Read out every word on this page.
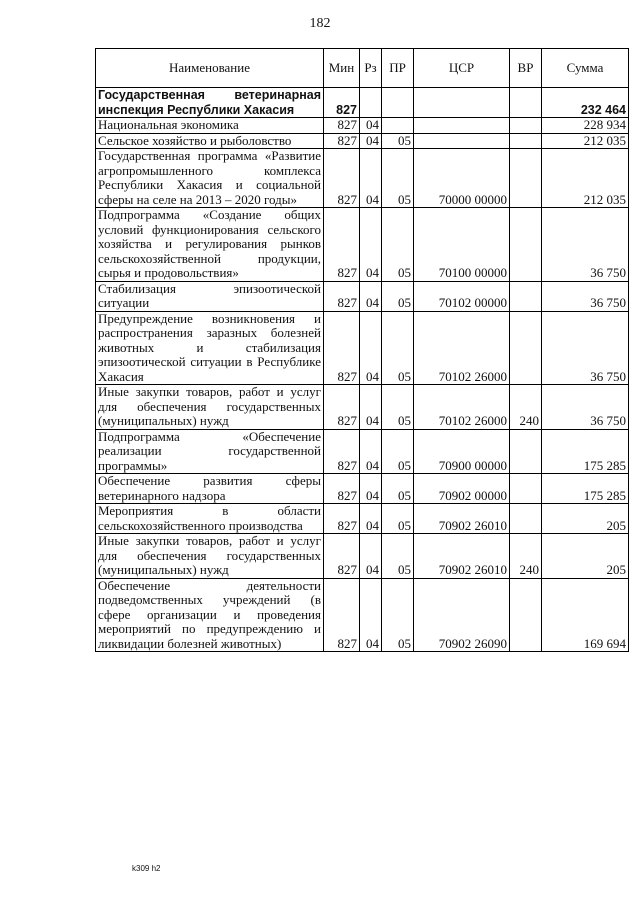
182
Наименование	Мин	Рз	ПР	ЦСР	ВР	Сумма
Государственная ветеринарная инспекция Республики Хакасия	827					232 464
Национальная экономика	827	04				228 934
Сельское хозяйство и рыболовство	827	04	05			212 035
Государственная программа «Развитие агропромышленного комплекса Республики Хакасия и социальной сферы на селе на 2013 – 2020 годы»	827	04	05	70000 00000		212 035
Подпрограмма «Создание общих условий функционирования сельского хозяйства и регулирования рынков сельскохозяйственной продукции, сырья и продовольствия»	827	04	05	70100 00000		36 750
Стабилизация эпизоотической ситуации	827	04	05	70102 00000		36 750
Предупреждение возникновения и распространения заразных болезней животных и стабилизация эпизоотической ситуации в Республике Хакасия	827	04	05	70102 26000		36 750
Иные закупки товаров, работ и услуг для обеспечения государственных (муниципальных) нужд	827	04	05	70102 26000	240	36 750
Подпрограмма «Обеспечение реализации государственной программы»	827	04	05	70900 00000		175 285
Обеспечение развития сферы ветеринарного надзора	827	04	05	70902 00000		175 285
Мероприятия в области сельскохозяйственного производства	827	04	05	70902 26010		205
Иные закупки товаров, работ и услуг для обеспечения государственных (муниципальных) нужд	827	04	05	70902 26010	240	205
Обеспечение деятельности подведомственных учреждений (в сфере организации и проведения мероприятий по предупреждению и ликвидации болезней животных)	827	04	05	70902 26090		169 694
k309 h2
